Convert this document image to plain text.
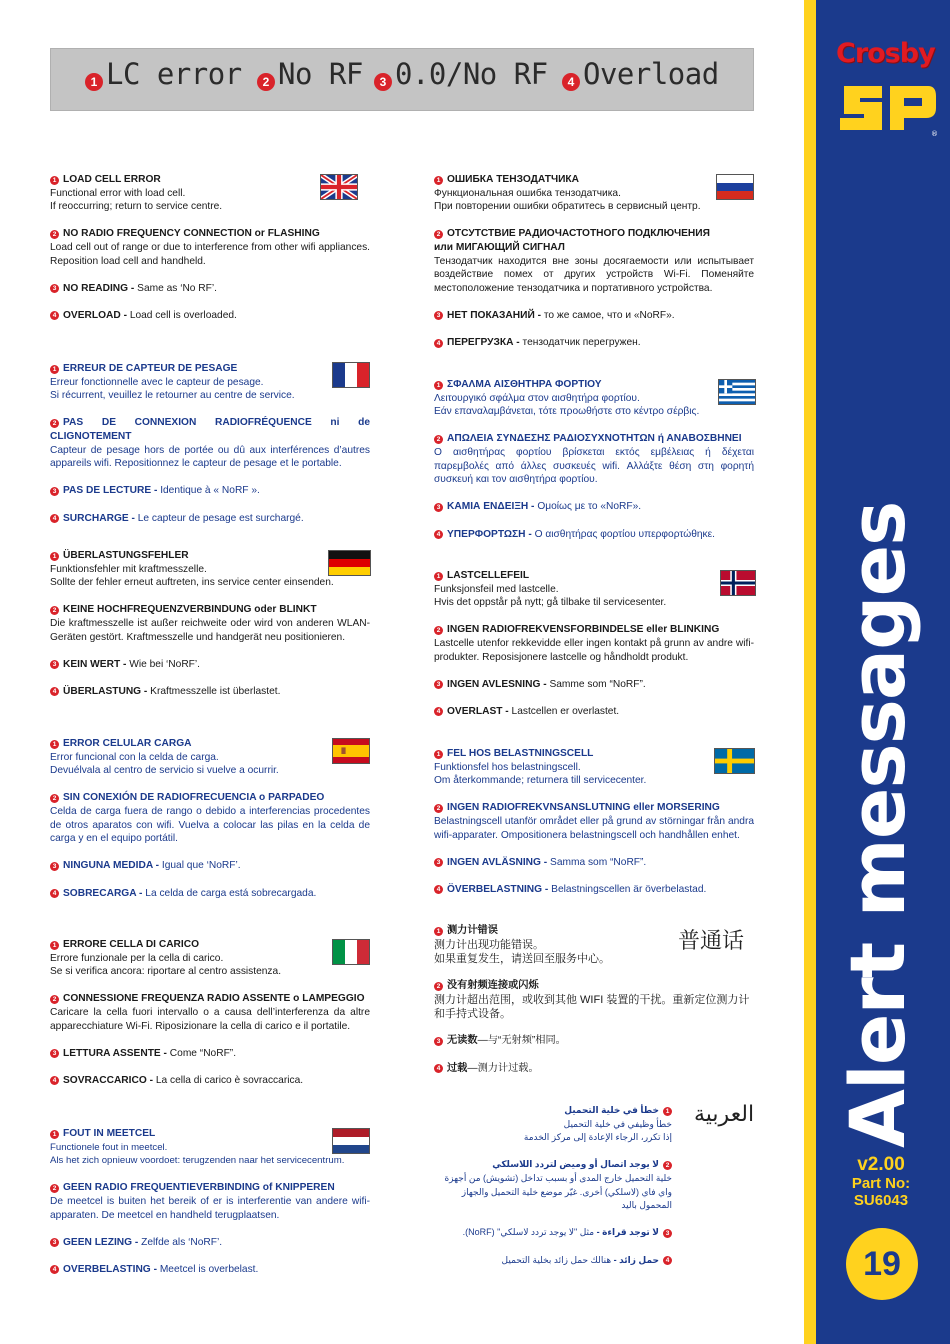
1 LC error	2 No RF	3 0.0/No RF	4 Overload
Crosby
®
Alert messages
v2.00
Part No:
SU6043
19
1 LOAD CELL ERROR
Functional error with load cell.
If reoccurring; return to service centre.
2 NO RADIO FREQUENCY CONNECTION or FLASHING
Load cell out of range or due to interference from other wifi appliances. Reposition load cell and handheld.
3 NO READING - Same as ‘No RF’.
4 OVERLOAD - Load cell is overloaded.
1 ERREUR DE CAPTEUR DE PESAGE
Erreur fonctionnelle avec le capteur de pesage.
Si récurrent, veuillez le retourner au centre de service.
2 PAS DE CONNEXION RADIOFRÉQUENCE ni de CLIGNOTEMENT
Capteur de pesage hors de portée ou dû aux interférences d’autres appareils wifi. Repositionnez le capteur de pesage et le portable.
3 PAS DE LECTURE - Identique à « NoRF ».
4 SURCHARGE - Le capteur de pesage est surchargé.
1 ÜBERLASTUNGSFEHLER
Funktionsfehler mit kraftmesszelle.
Sollte der fehler erneut auftreten, ins service center einsenden.
2 KEINE HOCHFREQUENZVERBINDUNG oder BLINKT
Die kraftmesszelle ist außer reichweite oder wird von anderen WLAN-Geräten gestört. Kraftmesszelle und handgerät neu positionieren.
3 KEIN WERT - Wie bei ‘NoRF’.
4 ÜBERLASTUNG - Kraftmesszelle ist überlastet.
1 ERROR CELULAR CARGA
Error funcional con la celda de carga.
Devuélvala al centro de servicio si vuelve a ocurrir.
2 SIN CONEXIÓN DE RADIOFRECUENCIA o PARPADEO
Celda de carga fuera de rango o debido a interferencias procedentes de otros aparatos con wifi. Vuelva a colocar las pilas en la celda de carga y en el equipo portátil.
3 NINGUNA MEDIDA - Igual que ‘NoRF’.
4 SOBRECARGA - La celda de carga está sobrecargada.
1 ERRORE CELLA DI CARICO
Errore funzionale per la cella di carico.
Se si verifica ancora: riportare al centro assistenza.
2 CONNESSIONE FREQUENZA RADIO ASSENTE o LAMPEGGIO
Caricare la cella fuori intervallo o a causa dell’interferenza da altre apparecchiature Wi-Fi. Riposizionare la cella di carico e il portatile.
3 LETTURA ASSENTE - Come “NoRF”.
4 SOVRACCARICO - La cella di carico è sovraccarica.
1 FOUT IN MEETCEL
Functionele fout in meetcel.
Als het zich opnieuw voordoet: terugzenden naar het servicecentrum.
2 GEEN RADIO FREQUENTIEVERBINDING of KNIPPEREN
De meetcel is buiten het bereik of er is interferentie van andere wifi-apparaten. De meetcel en handheld terugplaatsen.
3 GEEN LEZING - Zelfde als ‘NoRF’.
4 OVERBELASTING - Meetcel is overbelast.
1 ОШИБКА ТЕНЗОДАТЧИКА
Функциональная ошибка тензодатчика.
При повторении ошибки обратитесь в сервисный центр.
2 ОТСУТСТВИЕ РАДИОЧАСТОТНОГО ПОДКЛЮЧЕНИЯ
или МИГАЮЩИЙ СИГНАЛ
Тензодатчик находится вне зоны досягаемости или испытывает воздействие помех от других устройств Wi-Fi. Поменяйте местоположение тензодатчика и портативного устройства.
3 НЕТ ПОКАЗАНИЙ - то же самое, что и «NoRF».
4 ПЕРЕГРУЗКА - тензодатчик перегружен.
1 ΣΦΑΛΜΑ ΑΙΣΘΗΤΗΡΑ ΦΟΡΤΙΟΥ
Λειτουργικό σφάλμα στον αισθητήρα φορτίου.
Εάν επαναλαμβάνεται, τότε προωθήστε στο κέντρο σέρβις.
2 ΑΠΩΛΕΙΑ ΣΥΝΔΕΣΗΣ ΡΑΔΙΟΣΥΧΝΟΤΗΤΩΝ ή ΑΝΑΒΟΣΒΗΝΕΙ
Ο αισθητήρας φορτίου βρίσκεται εκτός εμβέλειας ή δέχεται παρεμβολές από άλλες συσκευές wifi. Αλλάξτε θέση στη φορητή συσκευή και τον αισθητήρα φορτίου.
3 ΚΑΜΙΑ ΕΝΔΕΙΞΗ - Ομοίως με το «NoRF».
4 ΥΠΕΡΦΟΡΤΩΣΗ - Ο αισθητήρας φορτίου υπερφορτώθηκε.
1 LASTCELLEFEIL
Funksjonsfeil med lastcelle.
Hvis det oppstår på nytt; gå tilbake til servicesenter.
2 INGEN RADIOFREKVENSFORBINDELSE eller BLINKING
Lastcelle utenfor rekkevidde eller ingen kontakt på grunn av andre wifi-produkter. Reposisjonere lastcelle og håndholdt produkt.
3 INGEN AVLESNING - Samme som “NoRF”.
4 OVERLAST - Lastcellen er overlastet.
1 FEL HOS BELASTNINGSCELL
Funktionsfel hos belastningscell.
Om återkommande; returnera till servicecenter.
2 INGEN RADIOFREKVNSANSLUTNING eller MORSERING
Belastningscell utanför området eller på grund av störningar från andra wifi-apparater. Ompositionera belastningscell och handhållen enhet.
3 INGEN AVLÄSNING - Samma som “NoRF”.
4 ÖVERBELASTNING - Belastningscellen är överbelastad.
1 测力计错误
测力计出现功能错误。
如果重复发生，请送回至服务中心。
2 没有射频连接或闪烁
测力计超出范围，或收到其他 WIFI 装置的干扰。重新定位测力计和手持式设备。
3 无读数—与“无射频”相同。
4 过载—测力计过载。
普通话
1خطأ في خلية التحميل
خطأ وظيفي في خلية التحميل
إذا تكرر، الرجاء الإعادة إلى مركز الخدمة
2لا يوجد اتصال أو وميض لتردد اللاسلكي
خلية التحميل خارج المدى أو بسبب تداخل (تشويش) من أجهزة واي فاي (لاسلكي) أخرى. غيّر موضع خلية التحميل والجهاز المحمول باليد
3لا توجد قراءة - مثل "لا يوجد تردد لاسلكي" (NoRF).
4حمل زائد - هنالك حمل زائد بخلية التحميل
العربية
